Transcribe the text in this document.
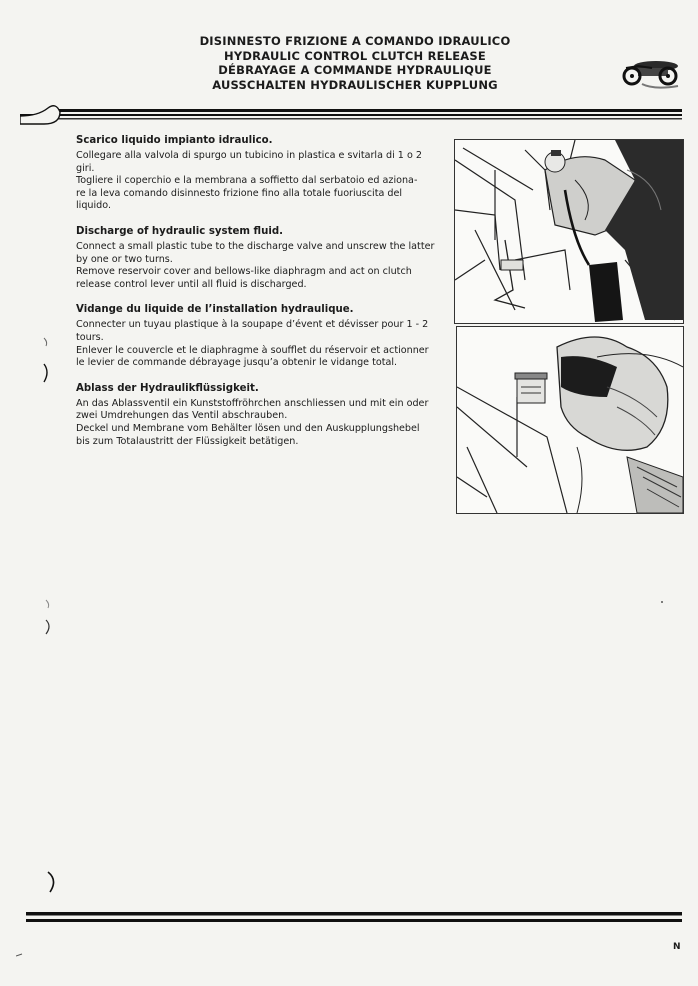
DISINNESTO FRIZIONE A COMANDO IDRAULICO
HYDRAULIC CONTROL CLUTCH RELEASE
DÉBRAYAGE A COMMANDE HYDRAULIQUE
AUSSCHALTEN HYDRAULISCHER KUPPLUNG
Scarico liquido impianto idraulico.

Collegare alla valvola di spurgo un tubicino in plastica e svitarla di 1 o 2
giri.
Togliere il coperchio e la membrana a soffietto dal serbatoio ed aziona-
re la leva comando disinnesto frizione fino alla totale fuoriuscita del
liquido.

Discharge of hydraulic system fluid.

Connect a small plastic tube to the discharge valve and unscrew the latter
by one or two turns.
Remove reservoir cover and bellows-like diaphragm and act on clutch
release control lever until all fluid is discharged.

Vidange du liquide de l’installation hydraulique.

Connecter un tuyau plastique à la soupape d’évent et dévisser pour 1 - 2
tours.
Enlever le couvercle et le diaphragme à soufflet du réservoir et actionner
le levier de commande débrayage jusqu’a obtenir le vidange total.

Ablass der Hydraulikflüssigkeit.

An das Ablassventil ein Kunststoffröhrchen anschliessen und mit ein oder
zwei Umdrehungen das Ventil abschrauben.
Deckel und Membrane vom Behälter lösen und den Auskupplungshebel
bis zum Totalaustritt der Flüssigkeit betätigen.

N
